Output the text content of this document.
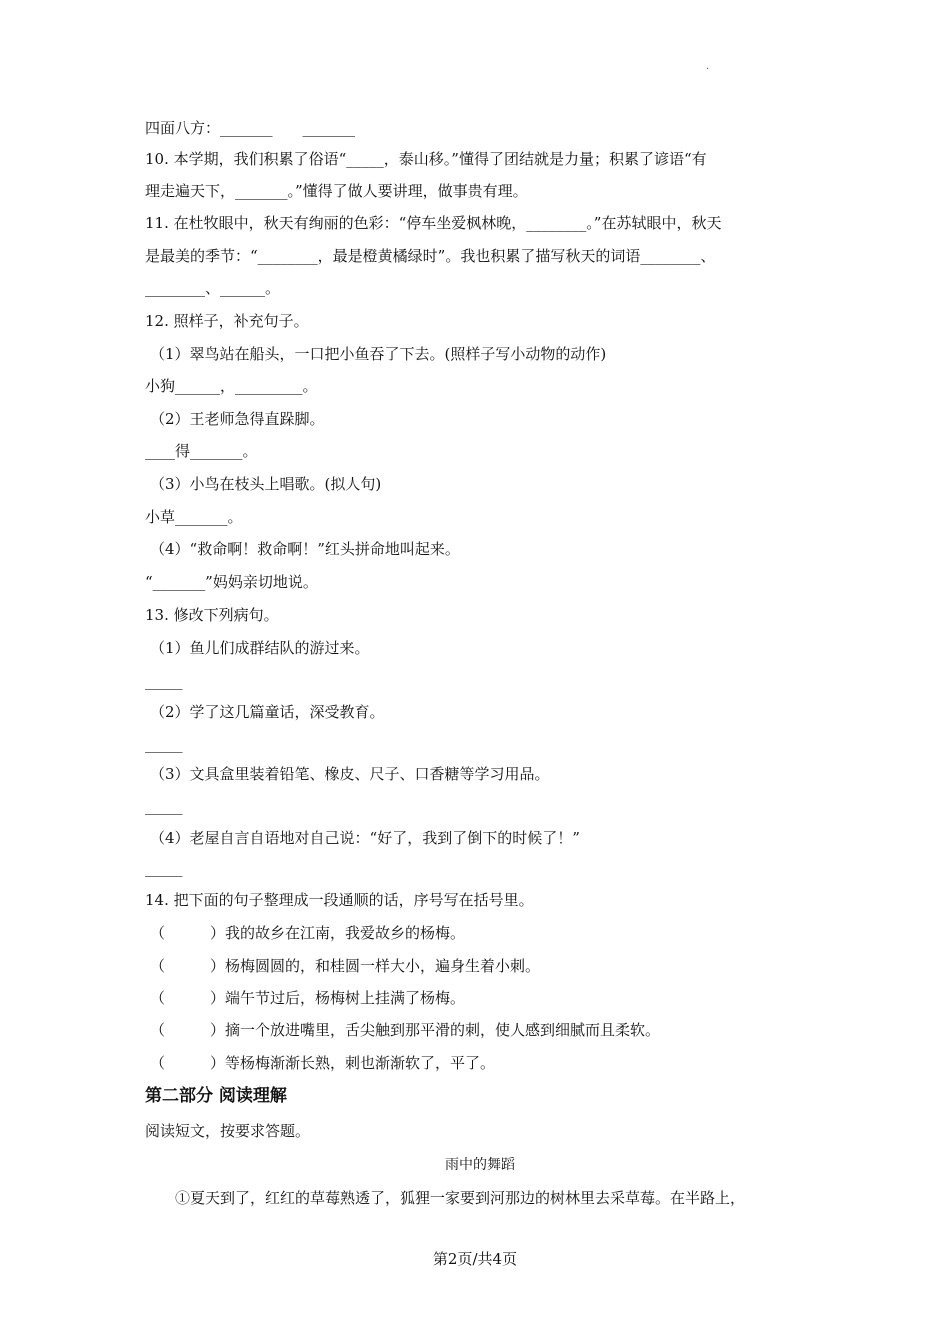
·
四面八方：_______　　_______
10. 本学期，我们积累了俗语“_____，泰山移。”懂得了团结就是力量；积累了谚语“有
理走遍天下，_______。”懂得了做人要讲理，做事贵有理。
11. 在杜牧眼中，秋天有绚丽的色彩：“停车坐爱枫林晚，________。”在苏轼眼中，秋天
是最美的季节：“________，最是橙黄橘绿时”。我也积累了描写秋天的词语________、
________、______。
12. 照样子，补充句子。
（1）翠鸟站在船头，一口把小鱼吞了下去。(照样子写小动物的动作)
小狗______，_________。
（2）王老师急得直跺脚。
____得_______。
（3）小鸟在枝头上唱歌。(拟人句)
小草_______。
（4）“救命啊！救命啊！”红头拼命地叫起来。
“_______”妈妈亲切地说。
13. 修改下列病句。
（1）鱼儿们成群结队的游过来。
_____
（2）学了这几篇童话，深受教育。
_____
（3）文具盒里装着铅笔、橡皮、尺子、口香糖等学习用品。
_____
（4）老屋自言自语地对自己说：“好了，我到了倒下的时候了！”
_____
14. 把下面的句子整理成一段通顺的话，序号写在括号里。
（　　　）我的故乡在江南，我爱故乡的杨梅。
（　　　）杨梅圆圆的，和桂圆一样大小，遍身生着小刺。
（　　　）端午节过后，杨梅树上挂满了杨梅。
（　　　）摘一个放进嘴里，舌尖触到那平滑的刺，使人感到细腻而且柔软。
（　　　）等杨梅渐渐长熟，刺也渐渐软了，平了。
第二部分 阅读理解
阅读短文，按要求答题。
雨中的舞蹈
①夏天到了，红红的草莓熟透了，狐狸一家要到河那边的树林里去采草莓。在半路上，
第2页/共4页
